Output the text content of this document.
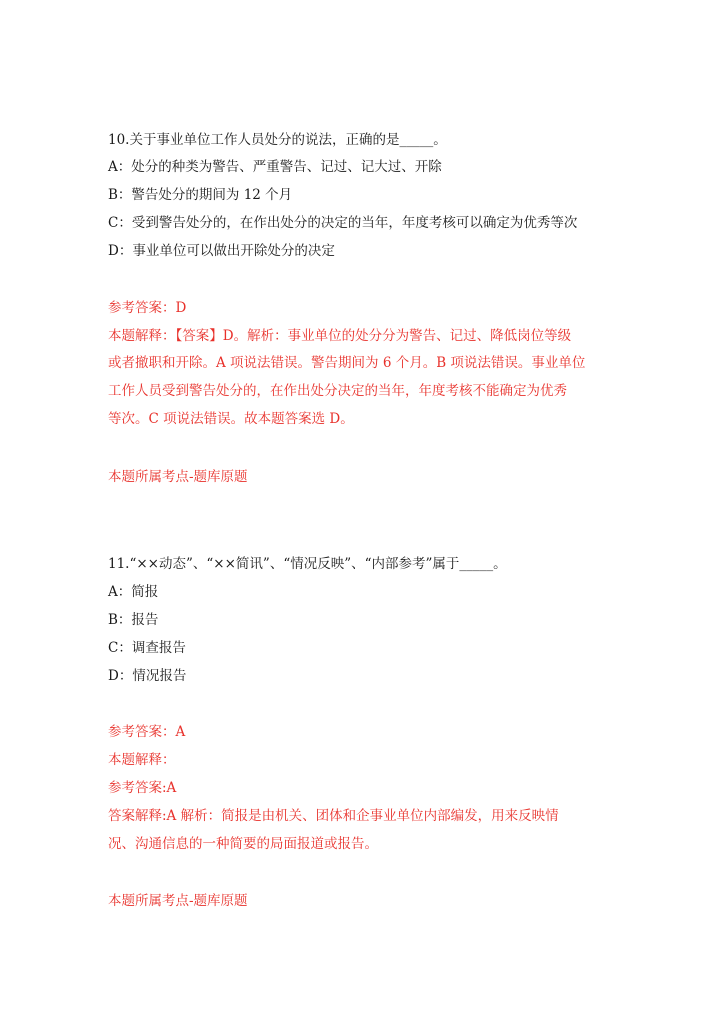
10.关于事业单位工作人员处分的说法，正确的是_____。
A：处分的种类为警告、严重警告、记过、记大过、开除
B：警告处分的期间为 12 个月
C：受到警告处分的，在作出处分的决定的当年，年度考核可以确定为优秀等次
D：事业单位可以做出开除处分的决定
参考答案：D
本题解释：【答案】D。解析：事业单位的处分分为警告、记过、降低岗位等级
或者撤职和开除。A 项说法错误。警告期间为 6 个月。B 项说法错误。事业单位
工作人员受到警告处分的，在作出处分决定的当年，年度考核不能确定为优秀
等次。C 项说法错误。故本题答案选 D。
本题所属考点-题库原题
11.“××动态”、“××简讯”、“情况反映”、“内部参考”属于_____。
A：简报
B：报告
C：调查报告
D：情况报告
参考答案：A
本题解释：
参考答案:A
答案解释:A 解析：简报是由机关、团体和企事业单位内部编发，用来反映情
况、沟通信息的一种简要的局面报道或报告。
本题所属考点-题库原题
